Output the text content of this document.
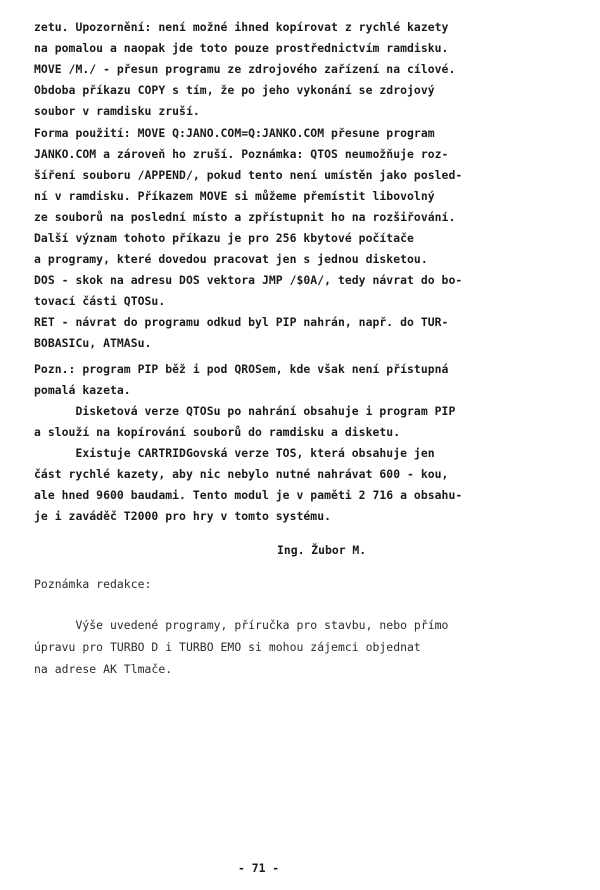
zetu. Upozornění: není možné ihned kopírovat z rychlé kazety
na pomalou a naopak jde toto pouze prostřednictvím ramdisku.
MOVE /M./ - přesun programu ze zdrojového zařízení na cílové.
Obdoba příkazu COPY s tím, že po jeho vykonání se zdrojový
soubor v ramdisku zruší.
Forma použití: MOVE Q:JANO.COM=Q:JANKO.COM přesune program
JANKO.COM a zároveň ho zruší. Poznámka: QTOS neumožňuje roz-
šíření souboru /APPEND/, pokud tento není umístěn jako posled-
ní v ramdisku. Příkazem MOVE si můžeme přemístit libovolný
ze souborů na poslední místo a zpřístupnit ho na rozšiřování.
Další význam tohoto příkazu je pro 256 kbytové počítače
a programy, které dovedou pracovat jen s jednou disketou.
DOS - skok na adresu DOS vektora JMP /$0A/, tedy návrat do bo-
tovací části QTOSu.
RET - návrat do programu odkud byl PIP nahrán, např. do TUR-
BOBASICu, ATMASu.
Pozn.: program PIP běž i pod QROSem, kde však není přístupná
pomalá kazeta.
Disketová verze QTOSu po nahrání obsahuje i program PIP
a slouží na kopírování souborů do ramdisku a disketu.
Existuje CARTRIDGovská verze TOS, která obsahuje jen
část rychlé kazety, aby nic nebylo nutné nahrávat 600 - kou,
ale hned 9600 baudami. Tento modul je v paměti 2 716 a obsahu-
je i zaváděč T2000 pro hry v tomto systému.
Ing. Žubor M.
Poznámka redakce:
Výše uvedené programy, příručka pro stavbu, nebo přímo
úpravu pro TURBO D i TURBO EMO si mohou zájemci objednat
na adrese AK Tlmače.
- 71 -
